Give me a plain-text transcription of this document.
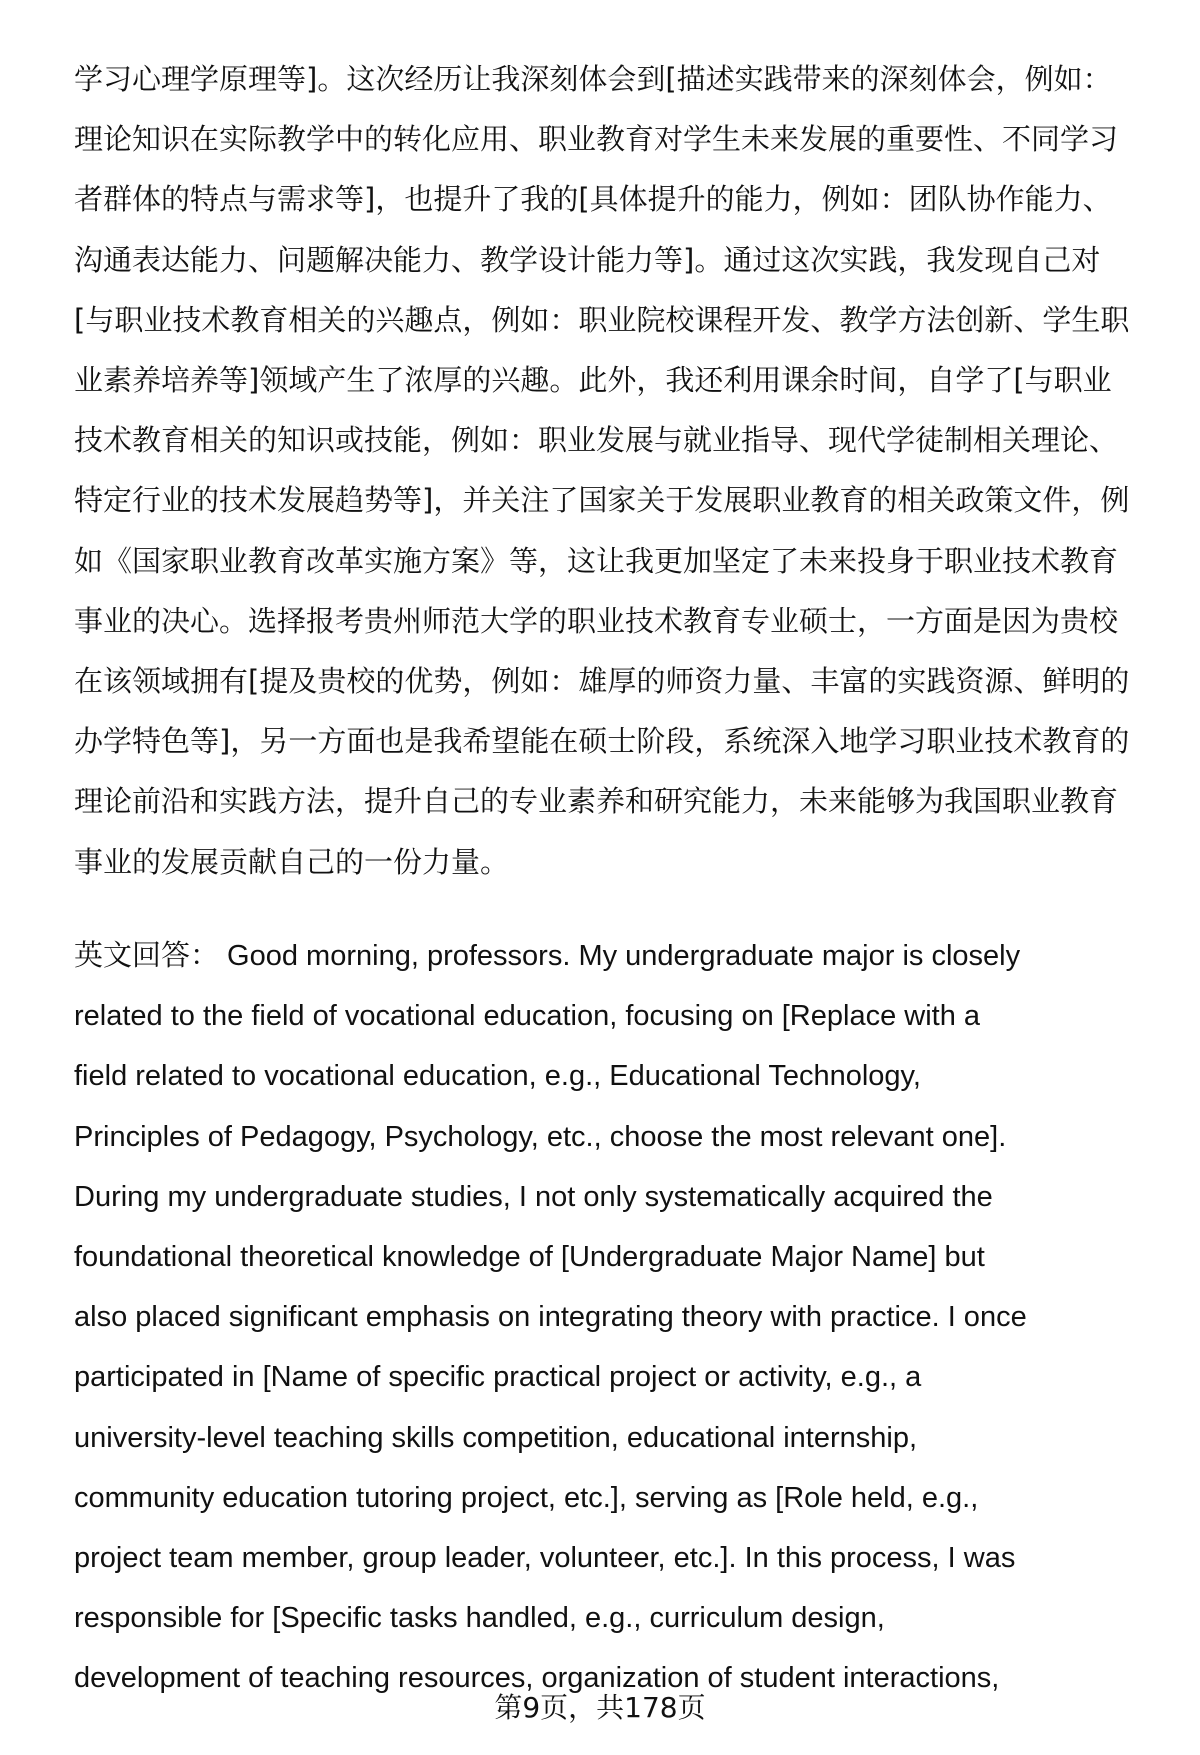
学习心理学原理等]。这次经历让我深刻体会到[描述实践带来的深刻体会，例如：
理论知识在实际教学中的转化应用、职业教育对学生未来发展的重要性、不同学习
者群体的特点与需求等]，也提升了我的[具体提升的能力，例如：团队协作能力、
沟通表达能力、问题解决能力、教学设计能力等]。通过这次实践，我发现自己对
[与职业技术教育相关的兴趣点，例如：职业院校课程开发、教学方法创新、学生职
业素养培养等]领域产生了浓厚的兴趣。此外，我还利用课余时间，自学了[与职业
技术教育相关的知识或技能，例如：职业发展与就业指导、现代学徒制相关理论、
特定行业的技术发展趋势等]，并关注了国家关于发展职业教育的相关政策文件，例
如《国家职业教育改革实施方案》等，这让我更加坚定了未来投身于职业技术教育
事业的决心。选择报考贵州师范大学的职业技术教育专业硕士，一方面是因为贵校
在该领域拥有[提及贵校的优势，例如：雄厚的师资力量、丰富的实践资源、鲜明的
办学特色等]，另一方面也是我希望能在硕士阶段，系统深入地学习职业技术教育的
理论前沿和实践方法，提升自己的专业素养和研究能力，未来能够为我国职业教育
事业的发展贡献自己的一份力量。
英文回答： Good morning, professors. My undergraduate major is closely
related to the field of vocational education, focusing on [Replace with a
field related to vocational education, e.g., Educational Technology,
Principles of Pedagogy, Psychology, etc., choose the most relevant one].
During my undergraduate studies, I not only systematically acquired the
foundational theoretical knowledge of [Undergraduate Major Name] but
also placed significant emphasis on integrating theory with practice. I once
participated in [Name of specific practical project or activity, e.g., a
university-level teaching skills competition, educational internship,
community education tutoring project, etc.], serving as [Role held, e.g.,
project team member, group leader, volunteer, etc.]. In this process, I was
responsible for [Specific tasks handled, e.g., curriculum design,
development of teaching resources, organization of student interactions,
第9页，共178页
